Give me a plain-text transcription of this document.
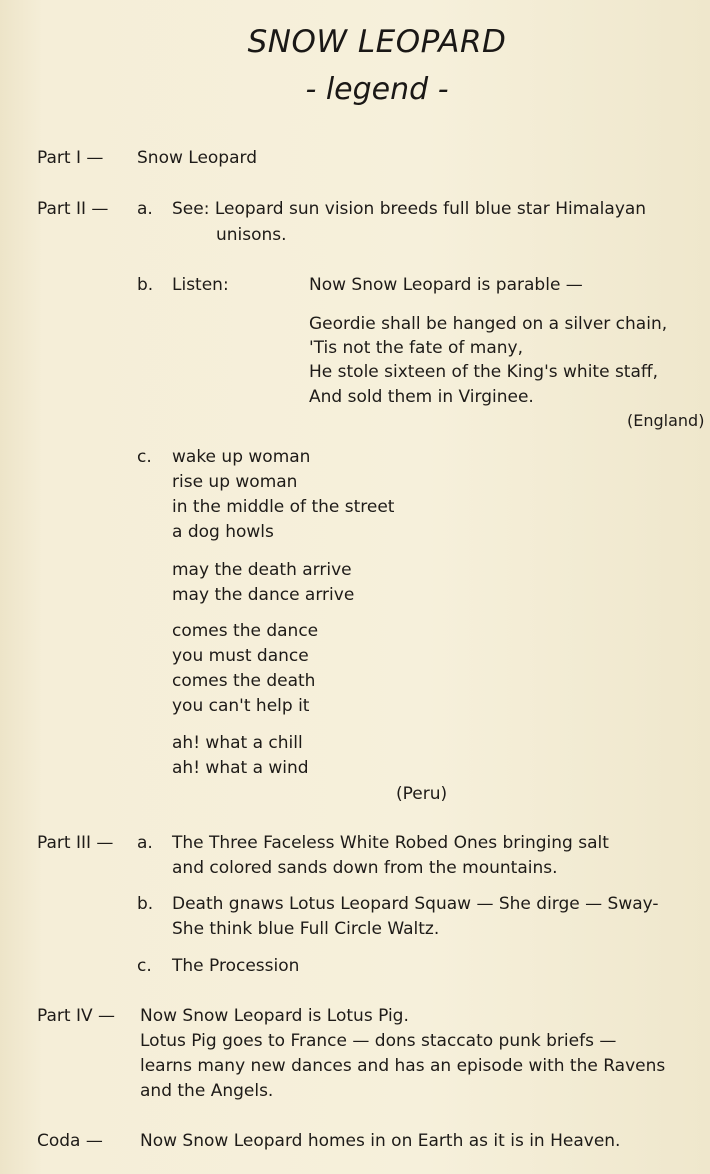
SNOW LEOPARD
- legend -
Part I — Snow Leopard
Part II — a. See: Leopard sun vision breeds full blue star Himalayan
unisons.
b. Listen:	Now Snow Leopard is parable —
Geordie shall be hanged on a silver chain,
'Tis not the fate of many,
He stole sixteen of the King's white staff,
And sold them in Virginee.
(England)
c. wake up woman
rise up woman
in the middle of the street
a dog howls
may the death arrive
may the dance arrive
comes the dance
you must dance
comes the death
you can't help it
ah! what a chill
ah! what a wind
(Peru)
Part III — a. The Three Faceless White Robed Ones bringing salt
and colored sands down from the mountains.
b. Death gnaws Lotus Leopard Squaw — She dirge — Sway-
She think blue Full Circle Waltz.
c. The Procession
Part IV — Now Snow Leopard is Lotus Pig.
Lotus Pig goes to France — dons staccato punk briefs —
learns many new dances and has an episode with the Ravens
and the Angels.
Coda — Now Snow Leopard homes in on Earth as it is in Heaven.
